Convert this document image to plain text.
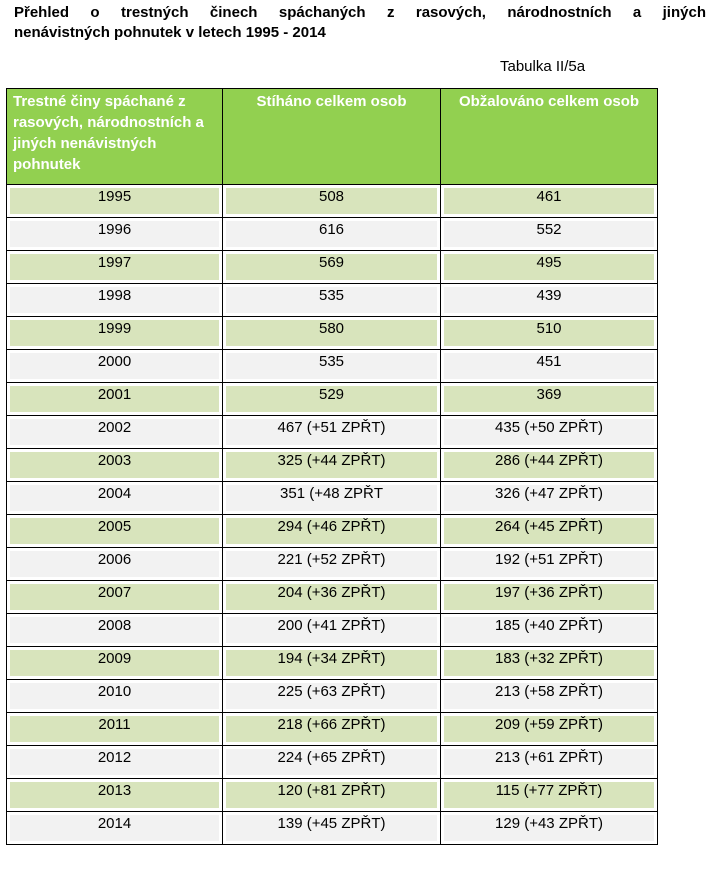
Přehled o trestných činech spáchaných z rasových, národnostních a jiných
nenávistných pohnutek v letech 1995 - 2014
Tabulka II/5a
Trestné činy spáchané z rasových, národnostních a jiných nenávistných pohnutek	Stíháno celkem osob	Obžalováno celkem osob

1995	508	461

1996	616	552

1997	569	495

1998	535	439

1999	580	510

2000	535	451

2001	529	369

2002	467 (+51 ZPŘT)	435 (+50 ZPŘT)

2003	325 (+44 ZPŘT)	286 (+44 ZPŘT)

2004	351 (+48 ZPŘT	326 (+47 ZPŘT)

2005	294 (+46 ZPŘT)	264 (+45 ZPŘT)

2006	221 (+52 ZPŘT)	192 (+51 ZPŘT)

2007	204 (+36 ZPŘT)	197 (+36 ZPŘT)

2008	200 (+41 ZPŘT)	185 (+40 ZPŘT)

2009	194 (+34 ZPŘT)	183 (+32 ZPŘT)

2010	225 (+63 ZPŘT)	213 (+58 ZPŘT)

2011	218 (+66 ZPŘT)	209 (+59 ZPŘT)

2012	224 (+65 ZPŘT)	213 (+61 ZPŘT)

2013	120 (+81 ZPŘT)	115 (+77 ZPŘT)

2014	139 (+45 ZPŘT)	129 (+43 ZPŘT)
